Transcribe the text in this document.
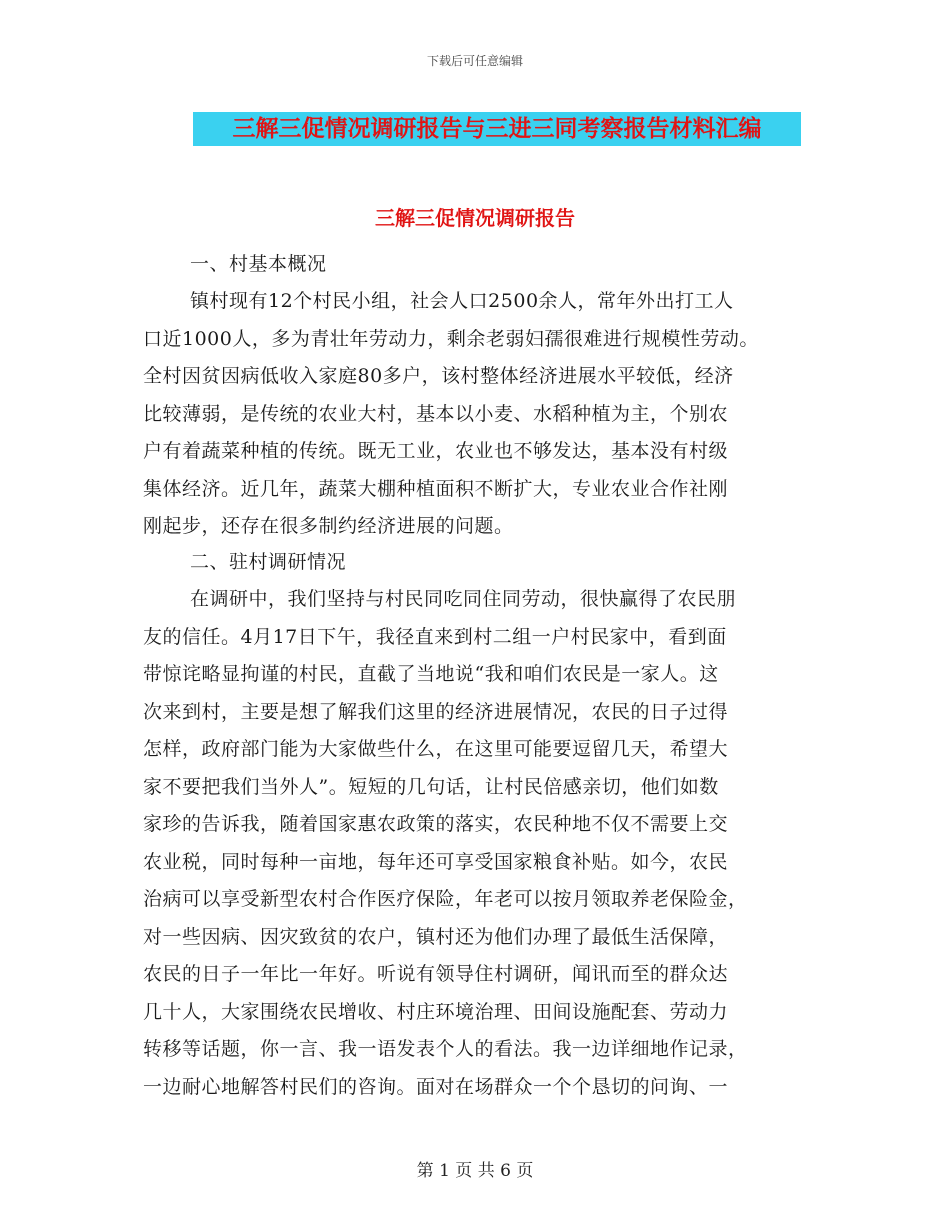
下载后可任意编辑
三解三促情况调研报告与三进三同考察报告材料汇编
三解三促情况调研报告
一、村基本概况
镇村现有12个村民小组，社会人口2500余人，常年外出打工人
口近1000人，多为青壮年劳动力，剩余老弱妇孺很难进行规模性劳动。
全村因贫因病低收入家庭80多户，该村整体经济进展水平较低，经济
比较薄弱，是传统的农业大村，基本以小麦、水稻种植为主，个别农
户有着蔬菜种植的传统。既无工业，农业也不够发达，基本没有村级
集体经济。近几年，蔬菜大棚种植面积不断扩大，专业农业合作社刚
刚起步，还存在很多制约经济进展的问题。
二、驻村调研情况
在调研中，我们坚持与村民同吃同住同劳动，很快赢得了农民朋
友的信任。4月17日下午，我径直来到村二组一户村民家中，看到面
带惊诧略显拘谨的村民，直截了当地说“我和咱们农民是一家人。这
次来到村，主要是想了解我们这里的经济进展情况，农民的日子过得
怎样，政府部门能为大家做些什么，在这里可能要逗留几天，希望大
家不要把我们当外人”。短短的几句话，让村民倍感亲切，他们如数
家珍的告诉我，随着国家惠农政策的落实，农民种地不仅不需要上交
农业税，同时每种一亩地，每年还可享受国家粮食补贴。如今，农民
治病可以享受新型农村合作医疗保险，年老可以按月领取养老保险金，
对一些因病、因灾致贫的农户，镇村还为他们办理了最低生活保障，
农民的日子一年比一年好。听说有领导住村调研，闻讯而至的群众达
几十人，大家围绕农民增收、村庄环境治理、田间设施配套、劳动力
转移等话题，你一言、我一语发表个人的看法。我一边详细地作记录，
一边耐心地解答村民们的咨询。面对在场群众一个个恳切的问询、一
第 1 页 共 6 页
